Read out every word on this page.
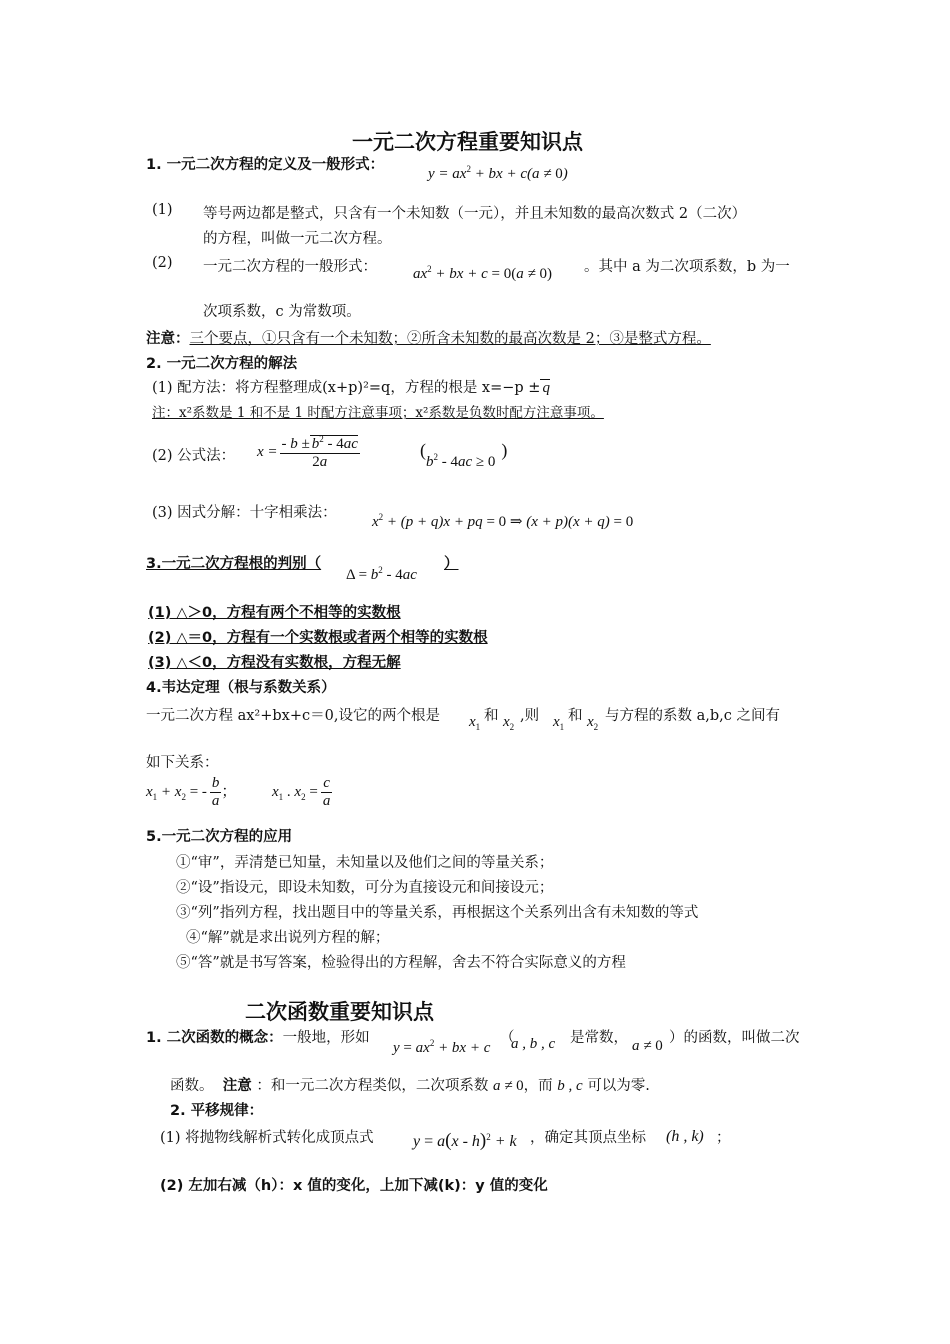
一元二次方程重要知识点
1. 一元二次方程的定义及一般形式：
$y = ax^2$ + bx + c(a ≠ 0)
(1) 等号两边都是整式，只含有一个未知数（一元），并且未知数的最高次数式 2（二次）
的方程，叫做一元二次方程。
(2) 一元二次方程的一般形式： $ax^2$ + bx + c = 0(a ≠ 0) 。其中 a 为二次项系数，b 为一
次项系数，c 为常数项。
注意：三个要点，①只含有一个未知数；②所含未知数的最高次数是 2；③是整式方程。
2. 一元二次方程的解法
(1) 配方法：将方程整理成(x+p)²=q，方程的根是 x=−p ± q
注：x²系数是 1 和不是 1 时配方注意事项；x²系数是负数时配方注意事项。
(2) 公式法： $x = \frac{- b \pm b^2 - 4ac}{2a}$	$(b^2 - 4ac \ge 0)$
(3) 因式分解：十字相乘法：
$x^2 + (p + q)x$ + pq = 0 ⇒ (x + p)(x + q) = 0
3.一元二次方程根的判别（
$\Delta = b^2 - 4ac$
）
(1) △＞0，方程有两个不相等的实数根
(2) △＝0，方程有一个实数根或者两个相等的实数根
(3) △＜0，方程没有实数根，方程无解
4.韦达定理（根与系数关系）
一元二次方程 ax²+bx+c＝0,设它的两个根是 $x_1$
和 $x_2$
,则 $x_1$
和 $x_2$
与方程的系数 a,b,c 之间有
如下关系：
$x_1 + x_2$ = - $\frac{b}{a}$ ； $x_1$ . $x_2 = \frac{c}{a}$
5.一元二次方程的应用
①“审”，弄清楚已知量，未知量以及他们之间的等量关系；
②“设”指设元，即设未知数，可分为直接设元和间接设元；
③“列”指列方程，找出题目中的等量关系，再根据这个关系列出含有未知数的等式
④“解”就是求出说列方程的解；
⑤“答”就是书写答案，检验得出的方程解，舍去不符合实际意义的方程
二次函数重要知识点
1. 二次函数的概念：一般地，形如
$y = ax^2$ + bx + c
（
a , b , c 是常数， a ≠ 0 ）的函数，叫做二次
函数。 注意 ：和一元二次方程类似，二次项系数 a ≠ 0，而 b , c 可以为零.
2. 平移规律：
(1) 将抛物线解析式转化成顶点式 y = a(x - h)$^2$ + k ，确定其顶点坐标 (h , k) ；
(2) 左加右减（h）：x 值的变化，上加下减(k)：y 值的变化
